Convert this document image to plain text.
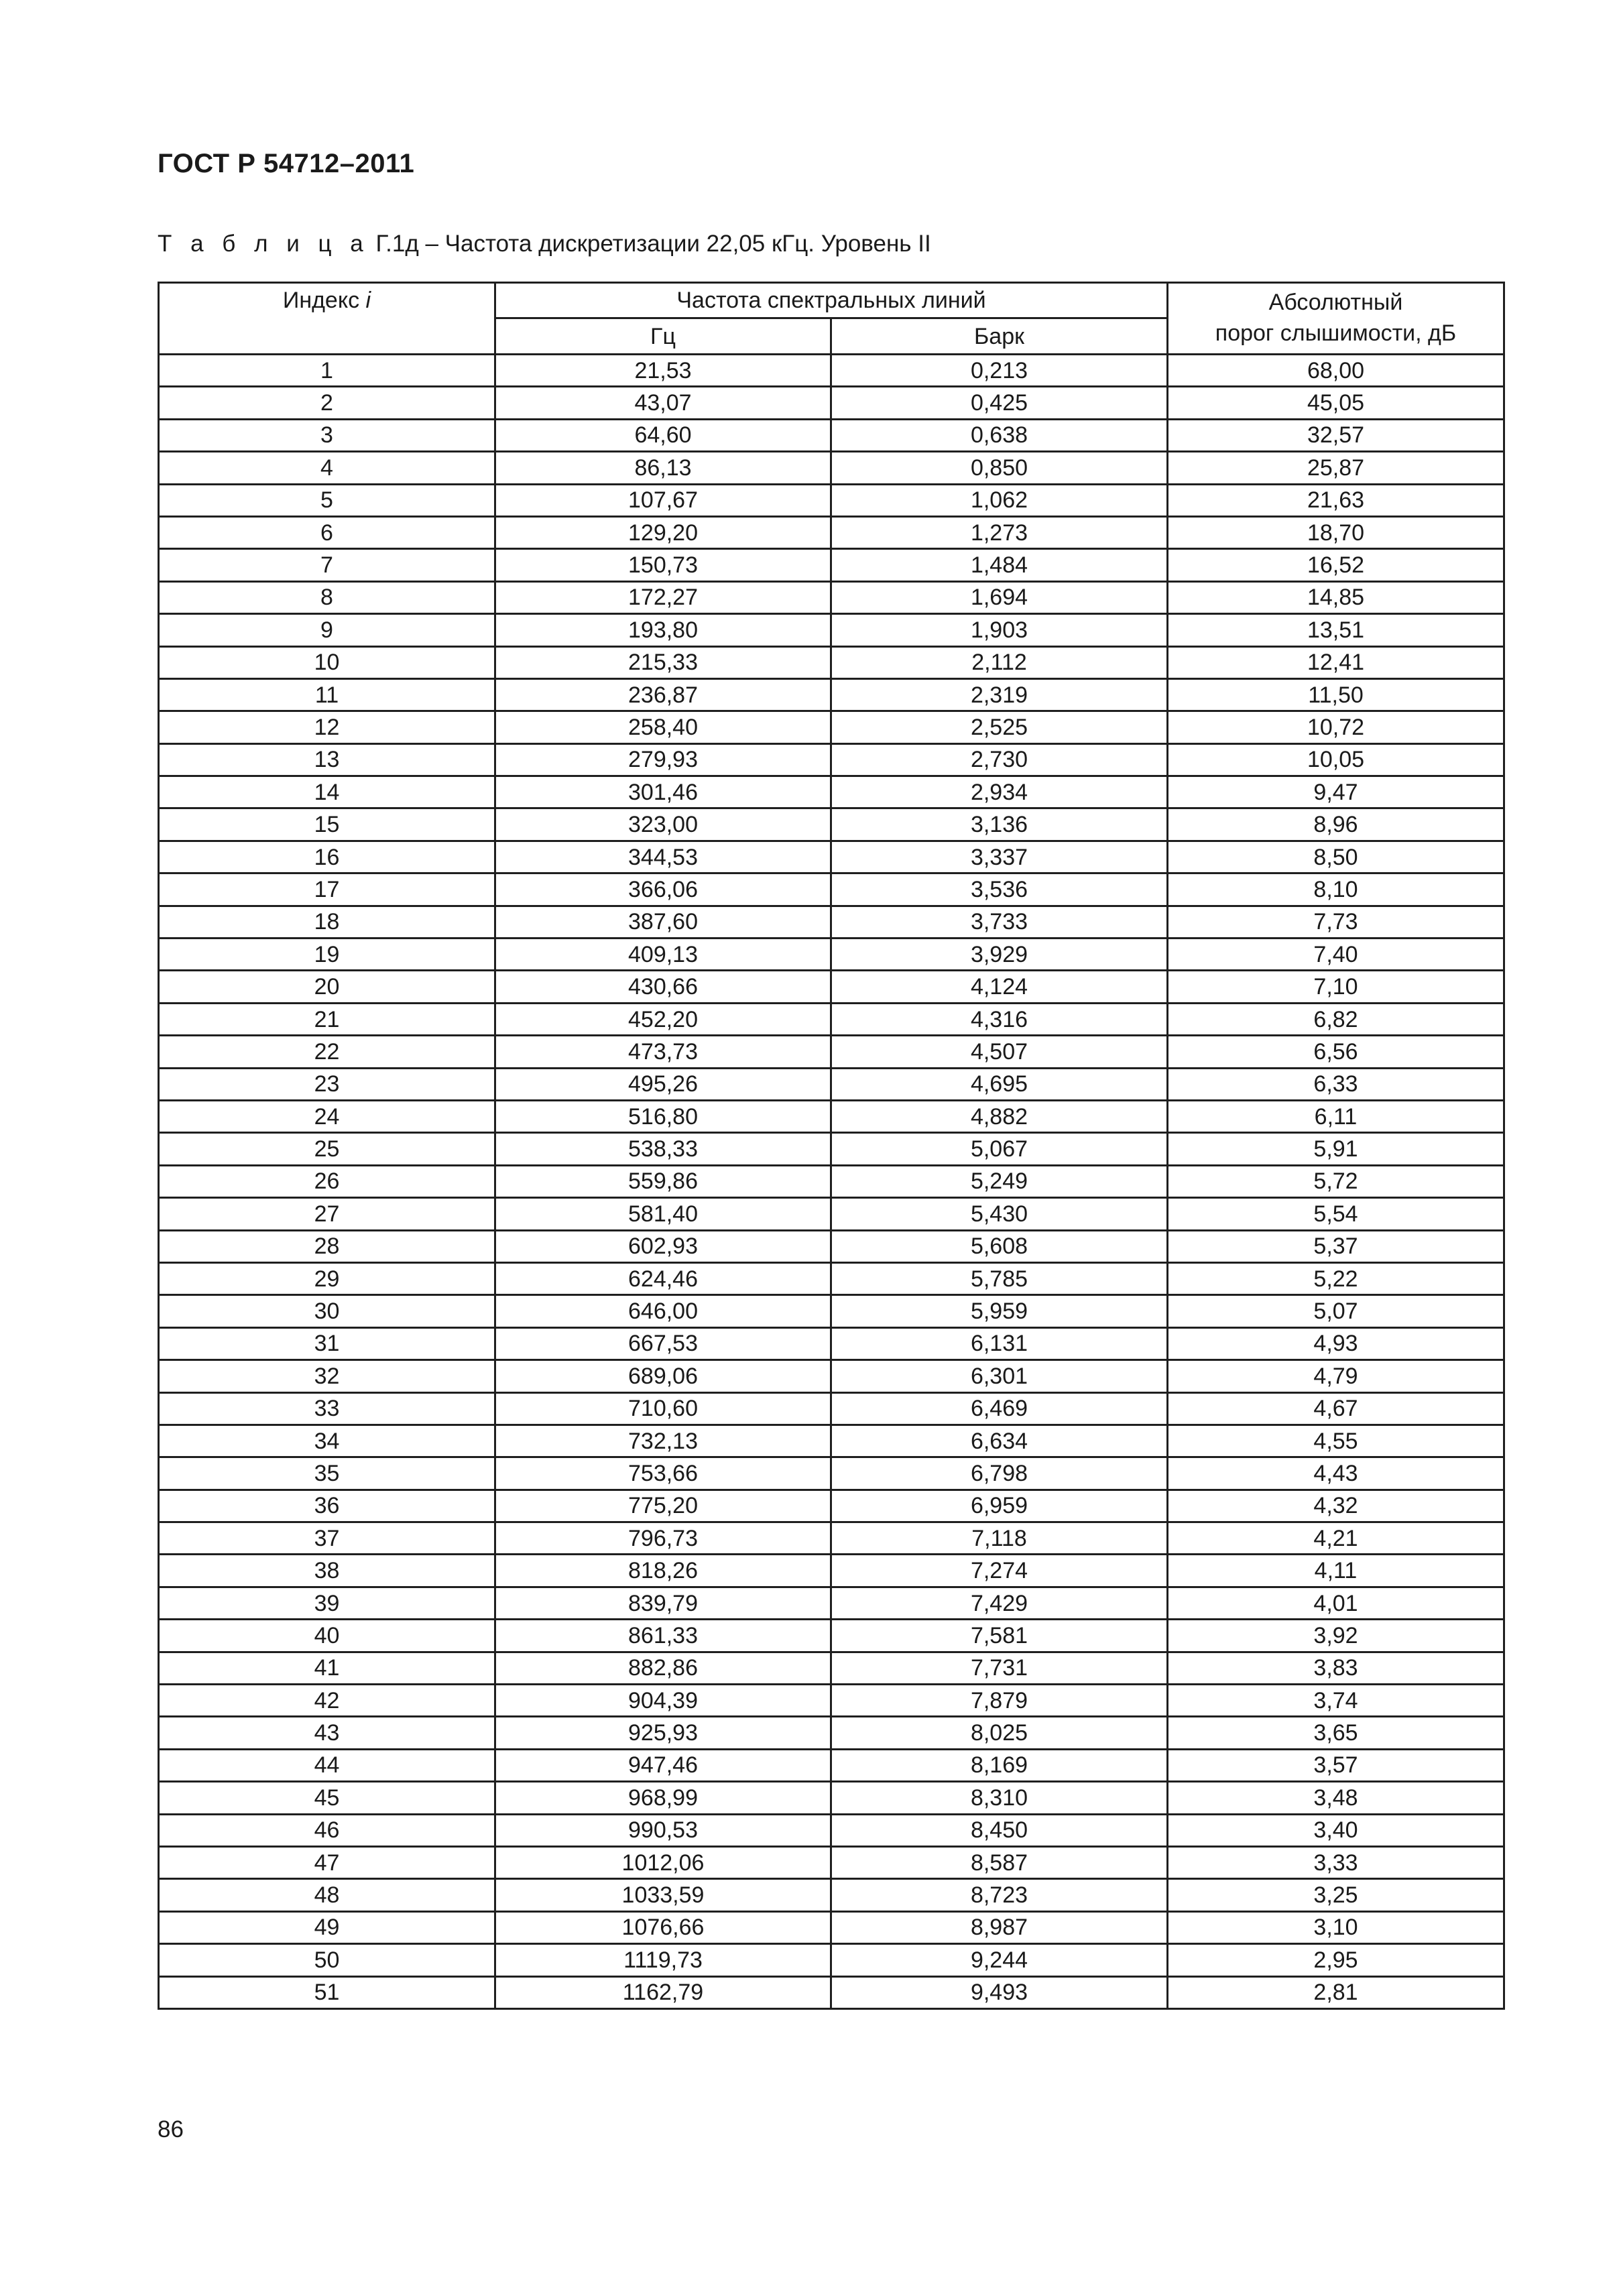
ГОСТ Р 54712–2011
Т а б л и ц а Г.1д – Частота дискретизации 22,05 кГц. Уровень II
Индекс i	Частота спектральных линий		Абсолютный
порог слышимости, дБ
	Гц	Барк	
1	21,53	0,213	68,00
2	43,07	0,425	45,05
3	64,60	0,638	32,57
4	86,13	0,850	25,87
5	107,67	1,062	21,63
6	129,20	1,273	18,70
7	150,73	1,484	16,52
8	172,27	1,694	14,85
9	193,80	1,903	13,51
10	215,33	2,112	12,41
11	236,87	2,319	11,50
12	258,40	2,525	10,72
13	279,93	2,730	10,05
14	301,46	2,934	9,47
15	323,00	3,136	8,96
16	344,53	3,337	8,50
17	366,06	3,536	8,10
18	387,60	3,733	7,73
19	409,13	3,929	7,40
20	430,66	4,124	7,10
21	452,20	4,316	6,82
22	473,73	4,507	6,56
23	495,26	4,695	6,33
24	516,80	4,882	6,11
25	538,33	5,067	5,91
26	559,86	5,249	5,72
27	581,40	5,430	5,54
28	602,93	5,608	5,37
29	624,46	5,785	5,22
30	646,00	5,959	5,07
31	667,53	6,131	4,93
32	689,06	6,301	4,79
33	710,60	6,469	4,67
34	732,13	6,634	4,55
35	753,66	6,798	4,43
36	775,20	6,959	4,32
37	796,73	7,118	4,21
38	818,26	7,274	4,11
39	839,79	7,429	4,01
40	861,33	7,581	3,92
41	882,86	7,731	3,83
42	904,39	7,879	3,74
43	925,93	8,025	3,65
44	947,46	8,169	3,57
45	968,99	8,310	3,48
46	990,53	8,450	3,40
47	1012,06	8,587	3,33
48	1033,59	8,723	3,25
49	1076,66	8,987	3,10
50	1119,73	9,244	2,95
51	1162,79	9,493	2,81
86
